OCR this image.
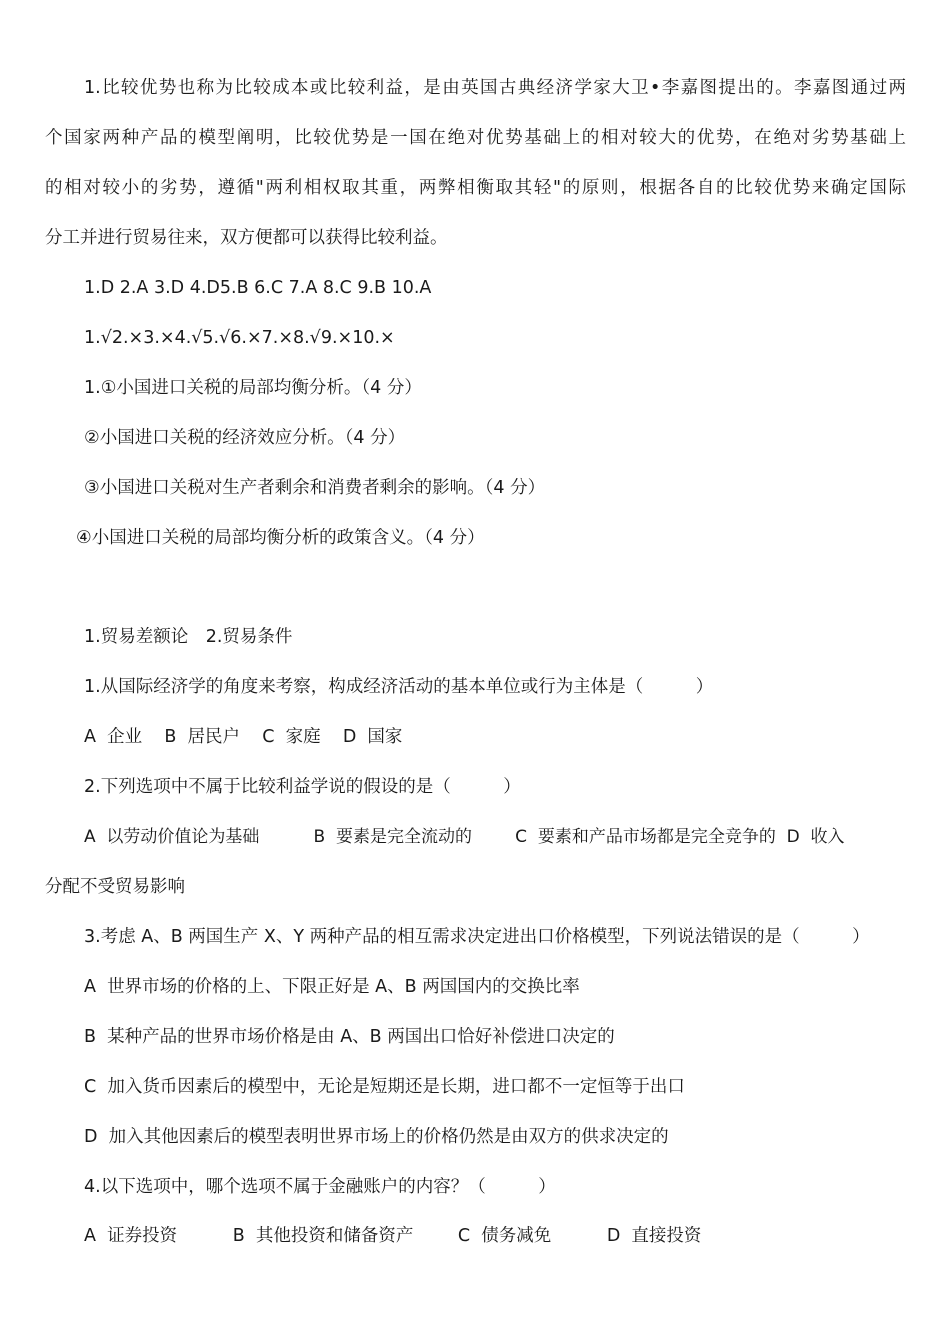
1.比较优势也称为比较成本或比较利益，是由英国古典经济学家大卫•李嘉图提出的。李嘉图通过两
个国家两种产品的模型阐明，比较优势是一国在绝对优势基础上的相对较大的优势，在绝对劣势基础上
的相对较小的劣势，遵循"两利相权取其重，两弊相衡取其轻"的原则，根据各自的比较优势来确定国际
分工并进行贸易往来，双方便都可以获得比较利益。
1.D 2.A 3.D 4.D5.B 6.C 7.A 8.C 9.B 10.A
1.√2.×3.×4.√5.√6.×7.×8.√9.×10.×
1.①小国进口关税的局部均衡分析。（4 分）
②小国进口关税的经济效应分析。（4 分）
③小国进口关税对生产者剩余和消费者剩余的影响。（4 分）
④小国进口关税的局部均衡分析的政策含义。（4 分）
1.贸易差额论　2.贸易条件
1.从国际经济学的角度来考察，构成经济活动的基本单位或行为主体是（　　　）
A  企业    B  居民户    C  家庭    D  国家
2.下列选项中不属于比较利益学说的假设的是（　　　）
A  以劳动价值论为基础          B  要素是完全流动的        C  要素和产品市场都是完全竞争的  D  收入
分配不受贸易影响
3.考虑 A、B 两国生产 X、Y 两种产品的相互需求决定进出口价格模型，下列说法错误的是（　　　）
A  世界市场的价格的上、下限正好是 A、B 两国国内的交换比率
B  某种产品的世界市场价格是由 A、B 两国出口恰好补偿进口决定的
C  加入货币因素后的模型中，无论是短期还是长期，进口都不一定恒等于出口
D  加入其他因素后的模型表明世界市场上的价格仍然是由双方的供求决定的
4.以下选项中，哪个选项不属于金融账户的内容？（　　　）
A  证券投资          B  其他投资和储备资产        C  债务减免          D  直接投资
